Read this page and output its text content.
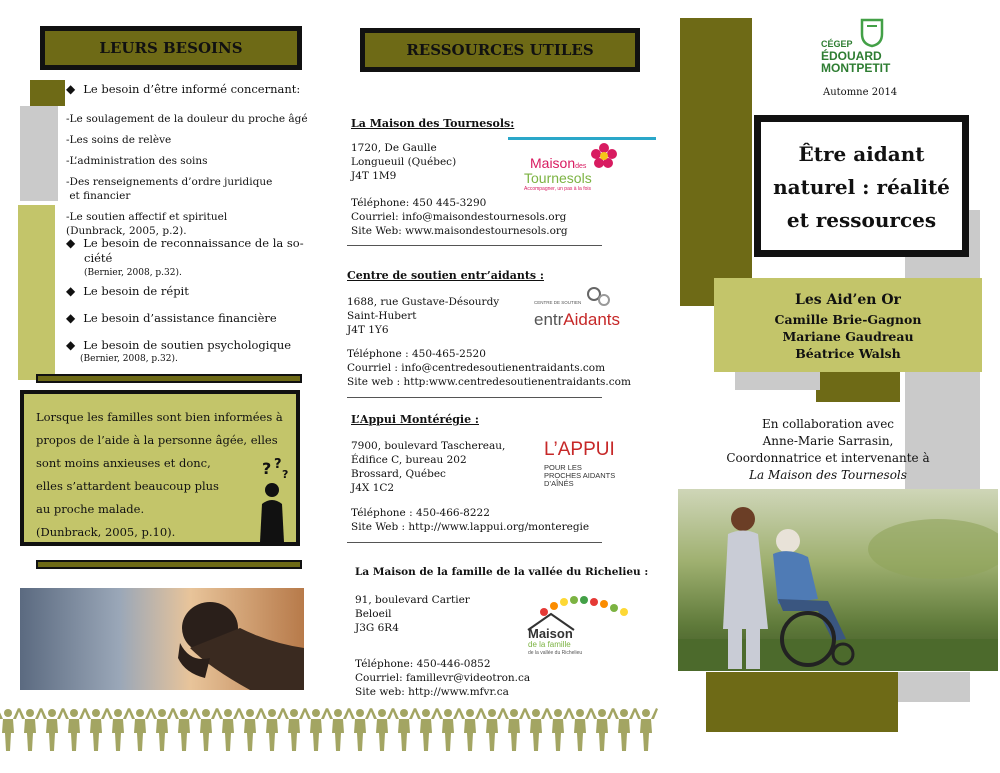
LEURS BESOINS
◆ Le besoin d’être informé concernant:
-Le soulagement de la douleur du proche âgé
-Les soins de relève
-L’administration des soins
-Des renseignements d’ordre juridique
et financier
-Le soutien affectif et spirituel
(Dunbrack, 2005, p.2).
◆ Le besoin de reconnaissance de la so-
ciété
(Bernier, 2008, p.32).
◆ Le besoin de répit
◆ Le besoin d’assistance financière
◆ Le besoin de soutien psychologique
(Bernier, 2008, p.32).
Lorsque les familles sont bien informées à
propos de l’aide à la personne âgée, elles
sont moins anxieuses et donc,
elles s’attardent beaucoup plus
au proche malade.
(Dunbrack, 2005, p.10).
? ?
?
RESSOURCES UTILES
La Maison des Tournesols:
1720, De Gaulle
Longueuil (Québec)
J4T 1M9
Maisondes
Tournesols
Accompagner, un pas à la fois
Téléphone: 450 445-3290
Courriel: info@maisondestournesols.org
Site Web: www.maisondestournesols.org
Centre de soutien entr’aidants :
1688, rue Gustave-Désourdy
Saint-Hubert
J4T 1Y6
CENTRE DE SOUTIEN
entrAidants
Téléphone : 450-465-2520
Courriel : info@centredesoutienentraidants.com
Site web : http:www.centredesoutienentraidants.com
L’Appui Montérégie :
7900, boulevard Taschereau,
Édifice C, bureau 202
Brossard, Québec
J4X 1C2
L’APPUI
POUR LES
PROCHES AIDANTS
D’AÎNÉS
Téléphone : 450-466-8222
Site Web : http://www.lappui.org/monteregie
La Maison de la famille de la vallée du Richelieu :
91, boulevard Cartier
Beloeil
J3G 6R4	Maison
de la famille
de la vallée du Richelieu
Téléphone: 450-446-0852
Courriel: famillevr@videotron.ca
Site web: http://www.mfvr.ca
CÉGEP
ÉDOUARD
MONTPETIT
Automne 2014
Être aidant
naturel : réalité
et ressources
Les Aid’en Or
Camille Brie-Gagnon
Mariane Gaudreau
Béatrice Walsh
En collaboration avec
Anne-Marie Sarrasin,
Coordonnatrice et intervenante à
La Maison des Tournesols
